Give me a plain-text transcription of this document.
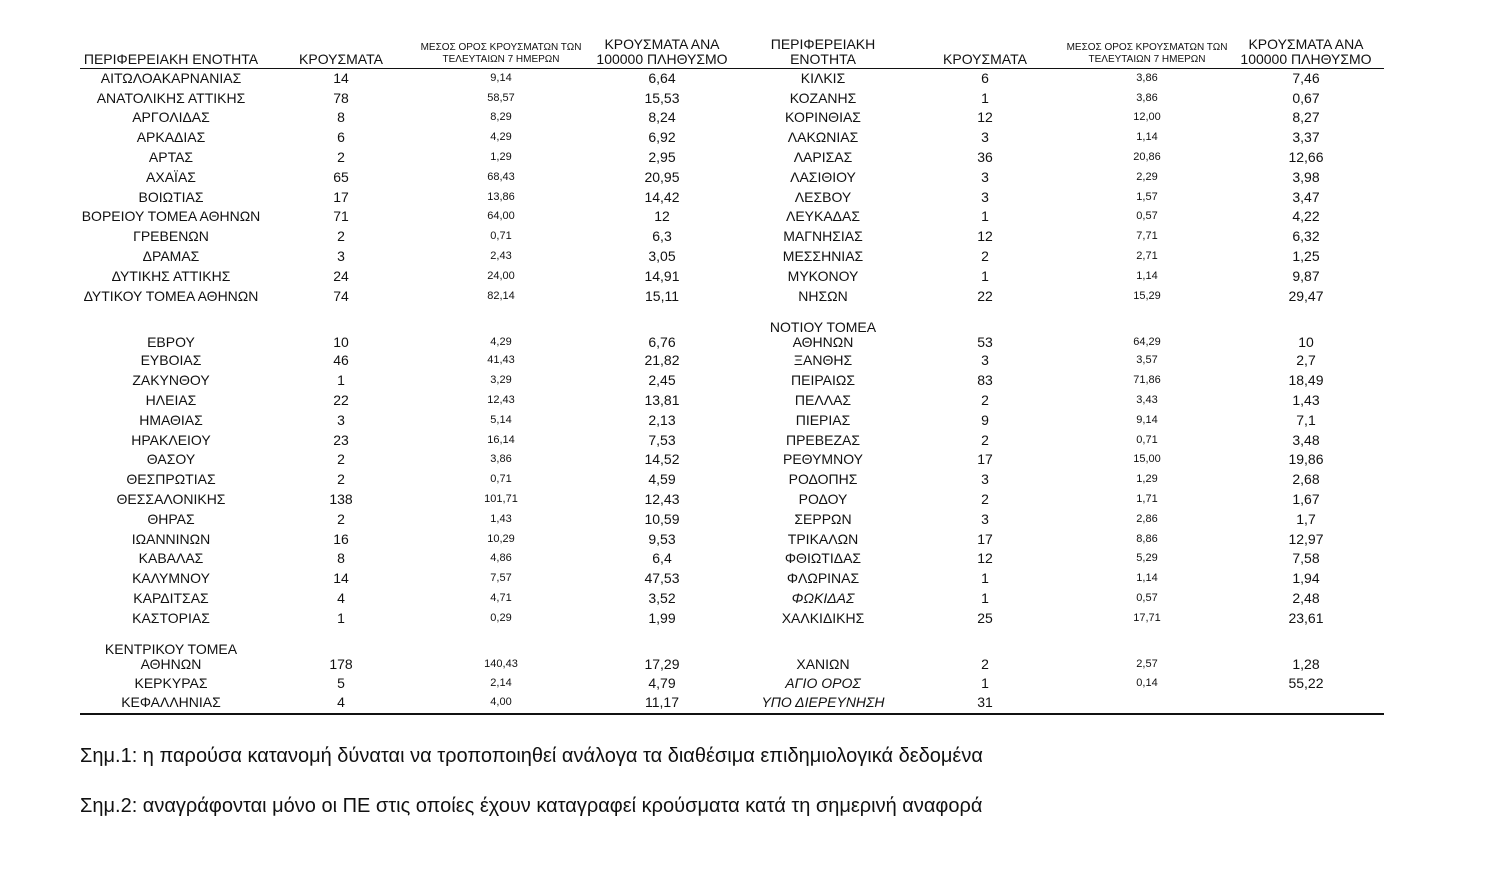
ΠΕΡΙΦΕΡΕΙΑΚΗ ΕΝΟΤΗΤΑ	ΚΡΟΥΣΜΑΤΑ	ΜΕΣΟΣ ΟΡΟΣ ΚΡΟΥΣΜΑΤΩΝ ΤΩΝ ΤΕΛΕΥΤΑΙΩΝ 7 ΗΜΕΡΩΝ	ΚΡΟΥΣΜΑΤΑ ΑΝΑ 100000 ΠΛΗΘΥΣΜΟ	ΠΕΡΙΦΕΡΕΙΑΚΗ ΕΝΟΤΗΤΑ	ΚΡΟΥΣΜΑΤΑ	ΜΕΣΟΣ ΟΡΟΣ ΚΡΟΥΣΜΑΤΩΝ ΤΩΝ ΤΕΛΕΥΤΑΙΩΝ 7 ΗΜΕΡΩΝ	ΚΡΟΥΣΜΑΤΑ ΑΝΑ 100000 ΠΛΗΘΥΣΜΟ
ΑΙΤΩΛΟΑΚΑΡΝΑΝΙΑΣ	14	9,14	6,64	ΚΙΛΚΙΣ	6	3,86	7,46
ΑΝΑΤΟΛΙΚΗΣ ΑΤΤΙΚΗΣ	78	58,57	15,53	ΚΟΖΑΝΗΣ	1	3,86	0,67
ΑΡΓΟΛΙΔΑΣ	8	8,29	8,24	ΚΟΡΙΝΘΙΑΣ	12	12,00	8,27
ΑΡΚΑΔΙΑΣ	6	4,29	6,92	ΛΑΚΩΝΙΑΣ	3	1,14	3,37
ΑΡΤΑΣ	2	1,29	2,95	ΛΑΡΙΣΑΣ	36	20,86	12,66
ΑΧΑΪΑΣ	65	68,43	20,95	ΛΑΣΙΘΙΟΥ	3	2,29	3,98
ΒΟΙΩΤΙΑΣ	17	13,86	14,42	ΛΕΣΒΟΥ	3	1,57	3,47
ΒΟΡΕΙΟΥ ΤΟΜΕΑ ΑΘΗΝΩΝ	71	64,00	12	ΛΕΥΚΑΔΑΣ	1	0,57	4,22
ΓΡΕΒΕΝΩΝ	2	0,71	6,3	ΜΑΓΝΗΣΙΑΣ	12	7,71	6,32
ΔΡΑΜΑΣ	3	2,43	3,05	ΜΕΣΣΗΝΙΑΣ	2	2,71	1,25
ΔΥΤΙΚΗΣ ΑΤΤΙΚΗΣ	24	24,00	14,91	ΜΥΚΟΝΟΥ	1	1,14	9,87
ΔΥΤΙΚΟΥ ΤΟΜΕΑ ΑΘΗΝΩΝ	74	82,14	15,11	ΝΗΣΩΝ	22	15,29	29,47
ΕΒΡΟΥ	10	4,29	6,76	ΝΟΤΙΟΥ ΤΟΜΕΑ ΑΘΗΝΩΝ	53	64,29	10
ΕΥΒΟΙΑΣ	46	41,43	21,82	ΞΑΝΘΗΣ	3	3,57	2,7
ΖΑΚΥΝΘΟΥ	1	3,29	2,45	ΠΕΙΡΑΙΩΣ	83	71,86	18,49
ΗΛΕΙΑΣ	22	12,43	13,81	ΠΕΛΛΑΣ	2	3,43	1,43
ΗΜΑΘΙΑΣ	3	5,14	2,13	ΠΙΕΡΙΑΣ	9	9,14	7,1
ΗΡΑΚΛΕΙΟΥ	23	16,14	7,53	ΠΡΕΒΕΖΑΣ	2	0,71	3,48
ΘΑΣΟΥ	2	3,86	14,52	ΡΕΘΥΜΝΟΥ	17	15,00	19,86
ΘΕΣΠΡΩΤΙΑΣ	2	0,71	4,59	ΡΟΔΟΠΗΣ	3	1,29	2,68
ΘΕΣΣΑΛΟΝΙΚΗΣ	138	101,71	12,43	ΡΟΔΟΥ	2	1,71	1,67
ΘΗΡΑΣ	2	1,43	10,59	ΣΕΡΡΩΝ	3	2,86	1,7
ΙΩΑΝΝΙΝΩΝ	16	10,29	9,53	ΤΡΙΚΑΛΩΝ	17	8,86	12,97
ΚΑΒΑΛΑΣ	8	4,86	6,4	ΦΘΙΩΤΙΔΑΣ	12	5,29	7,58
ΚΑΛΥΜΝΟΥ	14	7,57	47,53	ΦΛΩΡΙΝΑΣ	1	1,14	1,94
ΚΑΡΔΙΤΣΑΣ	4	4,71	3,52	ΦΩΚΙΔΑΣ	1	0,57	2,48
ΚΑΣΤΟΡΙΑΣ	1	0,29	1,99	ΧΑΛΚΙΔΙΚΗΣ	25	17,71	23,61
ΚΕΝΤΡΙΚΟΥ ΤΟΜΕΑ ΑΘΗΝΩΝ	178	140,43	17,29	ΧΑΝΙΩΝ	2	2,57	1,28
ΚΕΡΚΥΡΑΣ	5	2,14	4,79	ΑΓΙΟ ΟΡΟΣ	1	0,14	55,22
ΚΕΦΑΛΛΗΝΙΑΣ	4	4,00	11,17	ΥΠΟ ΔΙΕΡΕΥΝΗΣΗ	31		
Σημ.1: η παρούσα κατανομή δύναται να τροποποιηθεί ανάλογα τα διαθέσιμα επιδημιολογικά δεδομένα
Σημ.2: αναγράφονται μόνο οι ΠΕ στις οποίες έχουν καταγραφεί κρούσματα κατά τη σημερινή αναφορά
